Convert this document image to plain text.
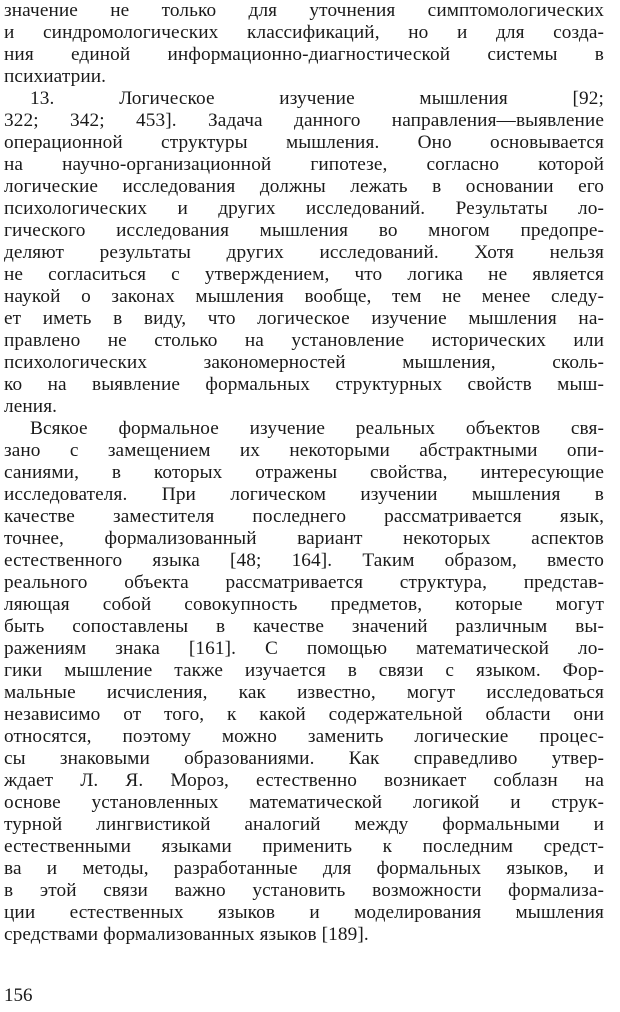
значение не только для уточнения симптомологических
и синдромологических классификаций, но и для созда-
ния единой информационно-диагностической системы в
психиатрии.
13. Логическое изучение мышления [92;
322; 342; 453]. Задача данного направления—выявление
операционной структуры мышления. Оно основывается
на научно-организационной гипотезе, согласно которой
логические исследования должны лежать в основании его
психологических и других исследований. Результаты ло-
гического исследования мышления во многом предопре-
деляют результаты других исследований. Хотя нельзя
не согласиться с утверждением, что логика не является
наукой о законах мышления вообще, тем не менее следу-
ет иметь в виду, что логическое изучение мышления на-
правлено не столько на установление исторических или
психологических закономерностей мышления, сколь-
ко на выявление формальных структурных свойств мыш-
ления.
Всякое формальное изучение реальных объектов свя-
зано с замещением их некоторыми абстрактными опи-
саниями, в которых отражены свойства, интересующие
исследователя. При логическом изучении мышления в
качестве заместителя последнего рассматривается язык,
точнее, формализованный вариант некоторых аспектов
естественного языка [48; 164]. Таким образом, вместо
реального объекта рассматривается структура, представ-
ляющая собой совокупность предметов, которые могут
быть сопоставлены в качестве значений различным вы-
ражениям знака [161]. С помощью математической ло-
гики мышление также изучается в связи с языком. Фор-
мальные исчисления, как известно, могут исследоваться
независимо от того, к какой содержательной области они
относятся, поэтому можно заменить логические процес-
сы знаковыми образованиями. Как справедливо утвер-
ждает Л. Я. Мороз, естественно возникает соблазн на
основе установленных математической логикой и струк-
турной лингвистикой аналогий между формальными и
естественными языками применить к последним средст-
ва и методы, разработанные для формальных языков, и
в этой связи важно установить возможности формализа-
ции естественных языков и моделирования мышления
средствами формализованных языков [189].
156
